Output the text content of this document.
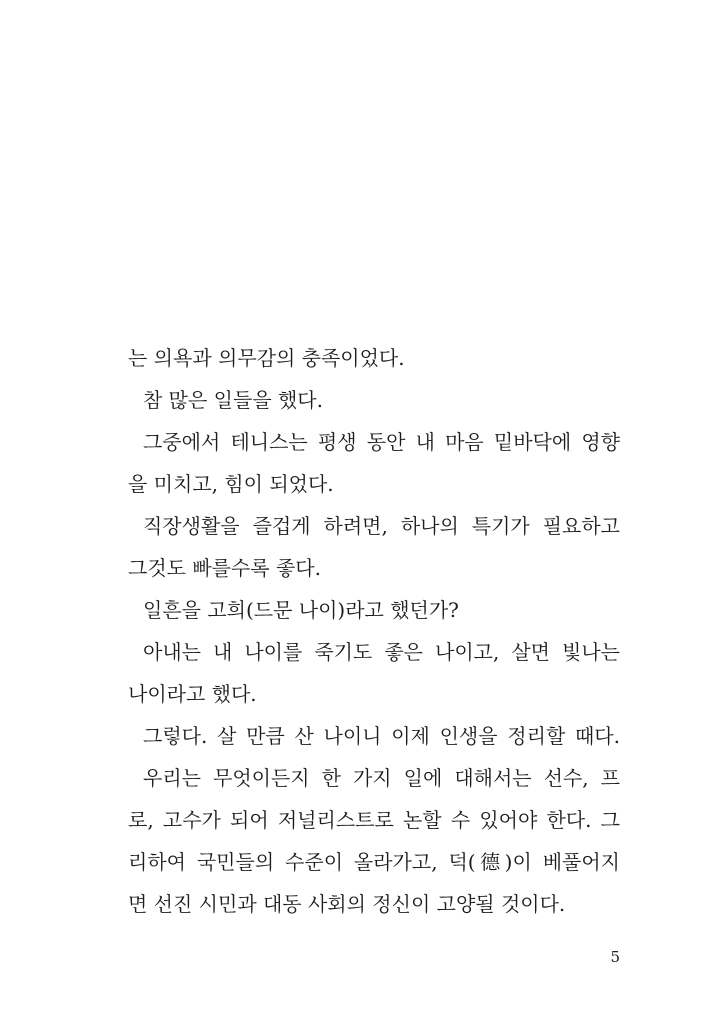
는 의욕과 의무감의 충족이었다.
참 많은 일들을 했다.
그중에서 테니스는 평생 동안 내 마음 밑바닥에 영향
을 미치고, 힘이 되었다.
직장생활을 즐겁게 하려면, 하나의 특기가 필요하고
그것도 빠를수록 좋다.
일흔을 고희(드문 나이)라고 했던가?
아내는 내 나이를 죽기도 좋은 나이고, 살면 빛나는
나이라고 했다.
그렇다. 살 만큼 산 나이니 이제 인생을 정리할 때다.
우리는 무엇이든지 한 가지 일에 대해서는 선수, 프
로, 고수가 되어 저널리스트로 논할 수 있어야 한다. 그
리하여 국민들의 수준이 올라가고, 덕(德)이 베풀어지
면 선진 시민과 대동 사회의 정신이 고양될 것이다.
5
